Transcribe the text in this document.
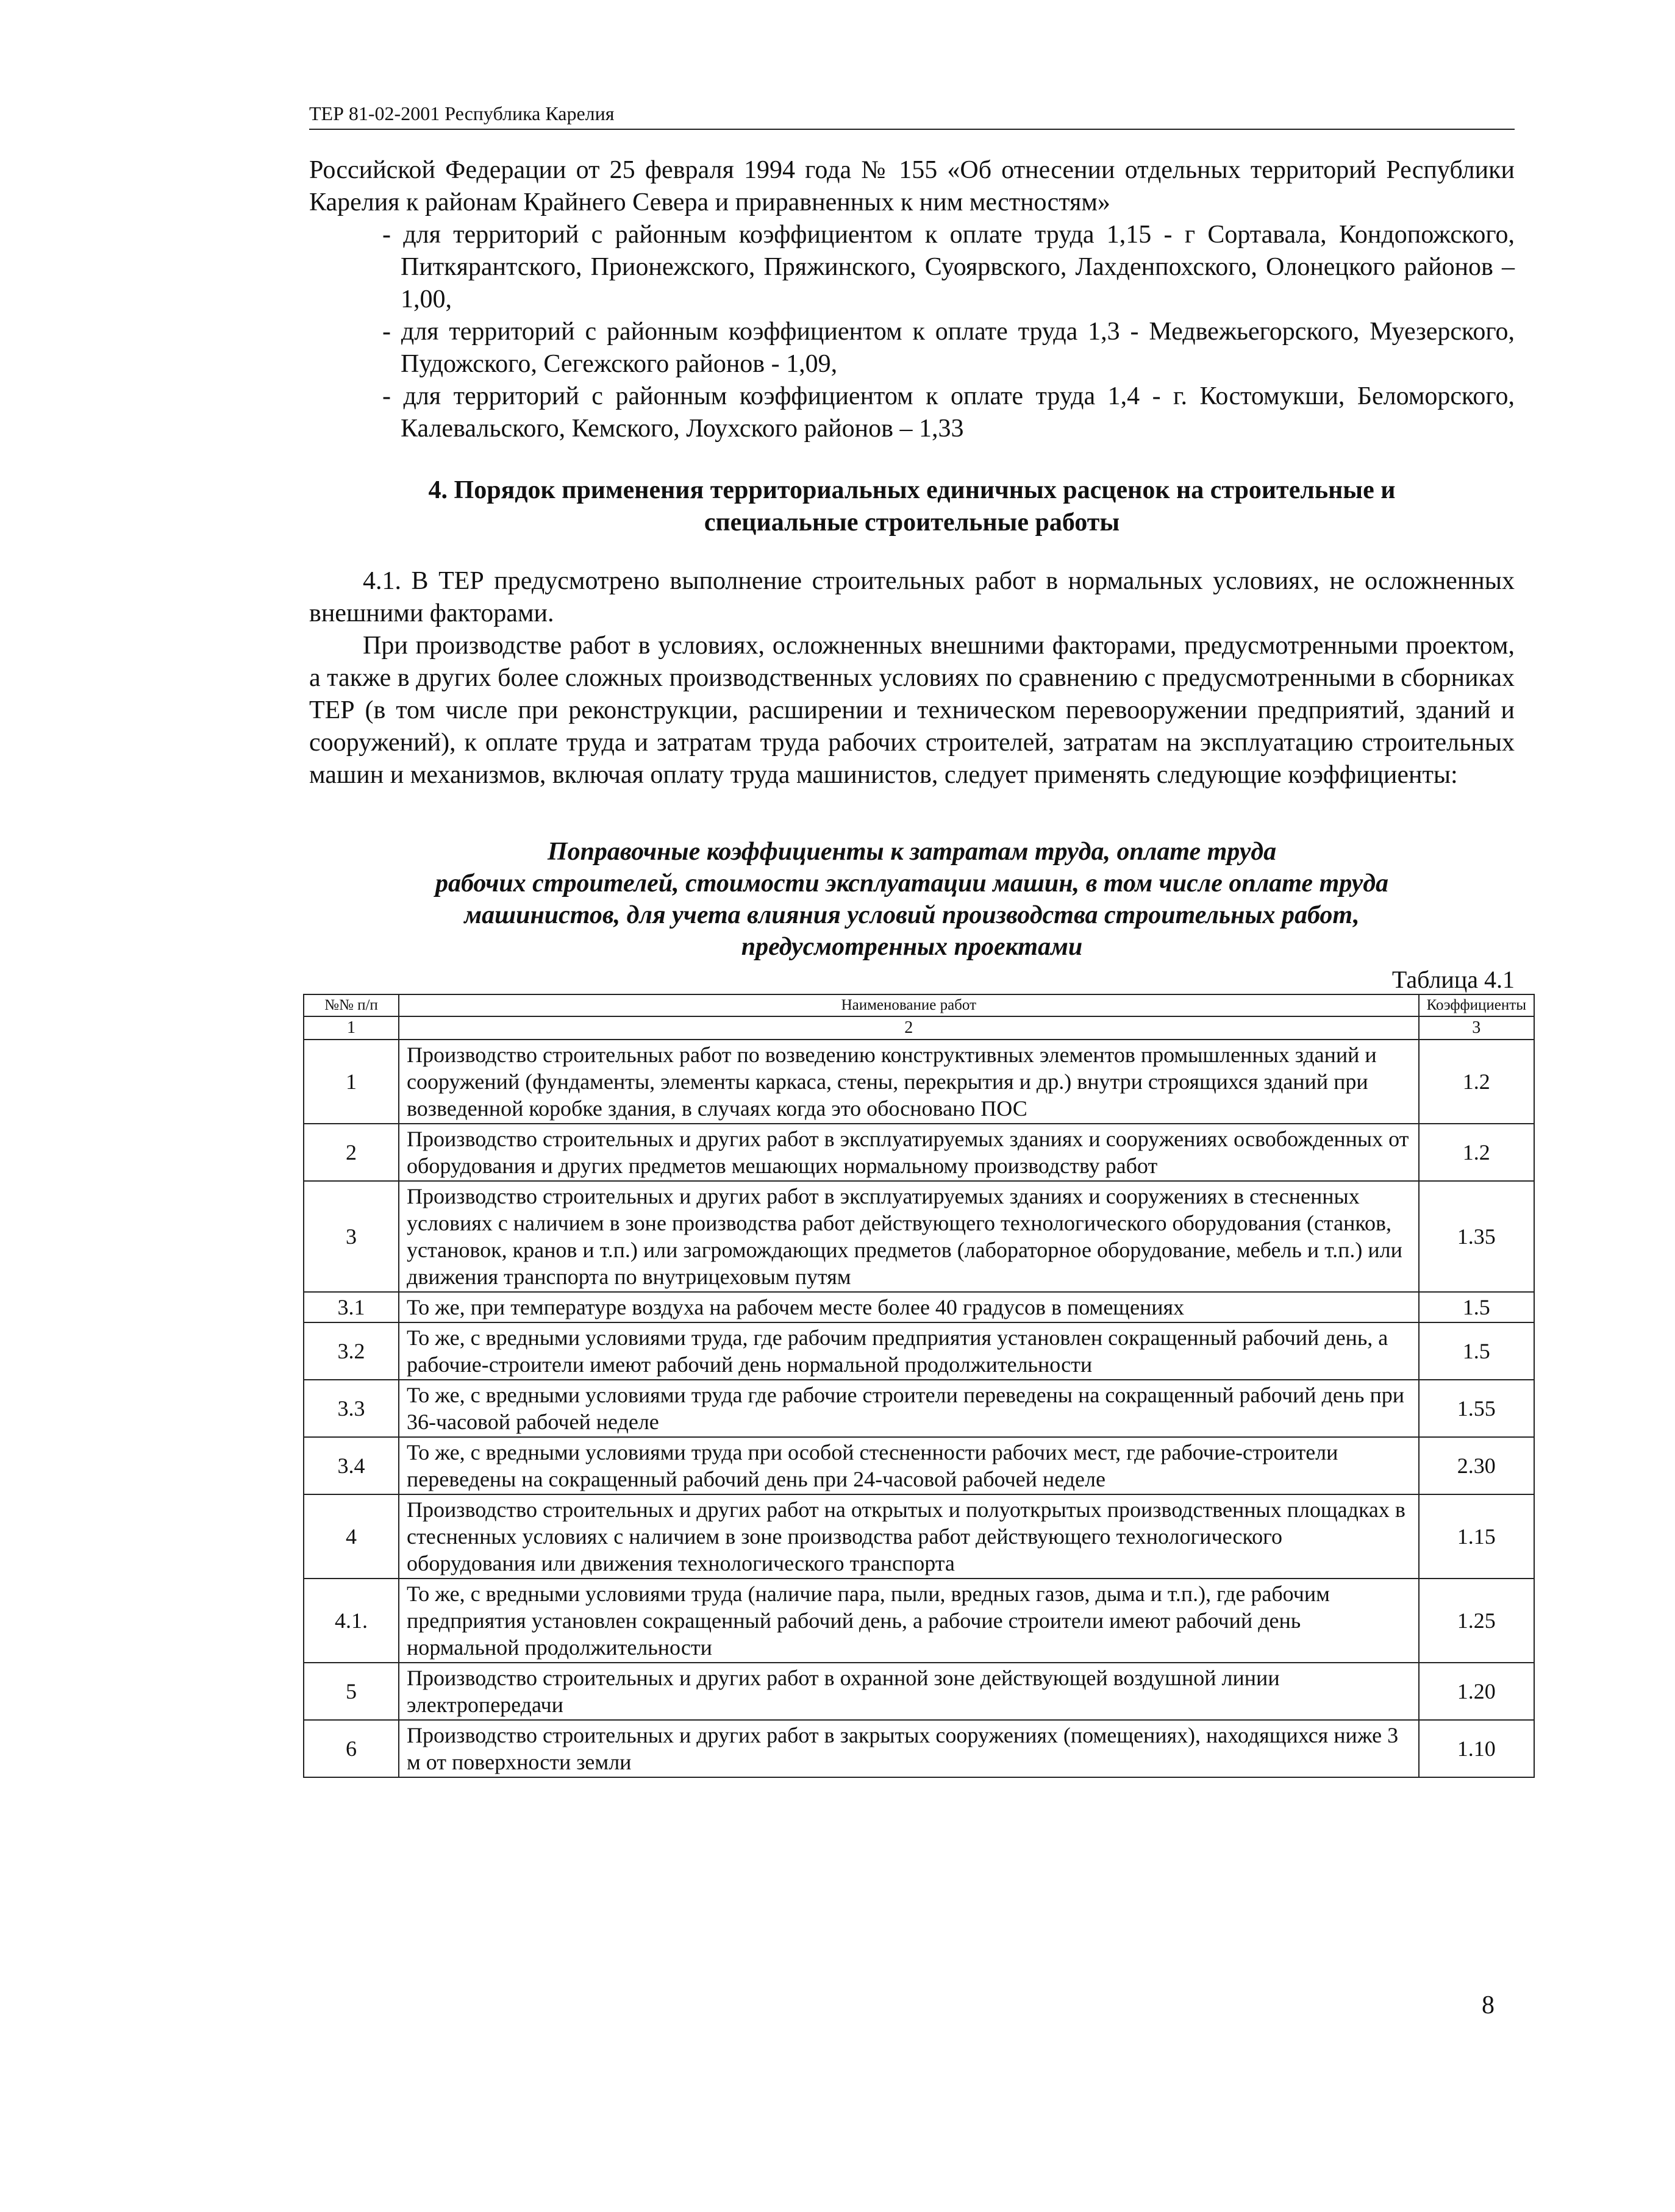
ТЕР 81-02-2001 Республика Карелия

Российской Федерации от 25 февраля 1994 года № 155 «Об отнесении отдельных территорий Республики Карелия к районам Крайнего Севера и приравненных к ним местностям»

- для территорий с районным коэффициентом к оплате труда 1,15 - г Сортавала, Кондопожского, Питкярантского, Прионежского, Пряжинского, Суоярвского, Лахденпохского, Олонецкого районов – 1,00,

- для территорий с районным коэффициентом к оплате труда 1,3 - Медвежьегорского, Муезерского, Пудожского, Сегежского районов - 1,09,

- для территорий с районным коэффициентом к оплате труда 1,4 - г. Костомукши, Беломорского, Калевальского, Кемского, Лоухского районов – 1,33

4. Порядок применения территориальных единичных расценок на строительные и
специальные строительные работы

4.1. В ТЕР предусмотрено выполнение строительных работ в нормальных условиях, не осложненных внешними факторами.

При производстве работ в условиях, осложненных внешними факторами, предусмотренными проектом, а также в других более сложных производственных условиях по сравнению с предусмотренными в сборниках ТЕР (в том числе при реконструкции, расширении и техническом перевооружении предприятий, зданий и сооружений), к оплате труда и затратам труда рабочих строителей, затратам на эксплуатацию строительных машин и механизмов, включая оплату труда машинистов, следует применять следующие коэффициенты:

Поправочные коэффициенты к затратам труда, оплате труда
рабочих строителей, стоимости эксплуатации машин, в том числе оплате труда
машинистов, для учета влияния условий производства строительных работ,
предусмотренных проектами
Таблица 4.1
№№ п/п	Наименование работ	Коэффициенты
1	2	3
1	Производство строительных работ по возведению конструктивных элементов промышленных зданий и сооружений (фундаменты, элементы каркаса, стены, перекрытия и др.) внутри строящихся зданий при возведенной коробке здания, в случаях когда это обосновано ПОС	1.2
2	Производство строительных и других работ в эксплуатируемых зданиях и сооружениях освобожденных от оборудования и других предметов мешающих нормальному производству работ	1.2
3	Производство строительных и других работ в эксплуатируемых зданиях и сооружениях в стесненных условиях с наличием в зоне производства работ действующего технологического оборудования (станков, установок, кранов и т.п.) или загромождающих предметов (лабораторное оборудование, мебель и т.п.) или движения транспорта по внутрицеховым путям	1.35
3.1	То же, при температуре воздуха на рабочем месте более 40 градусов в помещениях	1.5
3.2	То же, с вредными условиями труда, где рабочим предприятия установлен сокращенный рабочий день, а рабочие-строители имеют рабочий день нормальной продолжительности	1.5
3.3	То же, с вредными условиями труда где рабочие строители переведены на сокращенный рабочий день при 36-часовой рабочей неделе	1.55
3.4	То же, с вредными условиями труда при особой стесненности рабочих мест, где рабочие-строители переведены на сокращенный рабочий день при 24-часовой рабочей неделе	2.30
4	Производство строительных и других работ на открытых и полуоткрытых производственных площадках в стесненных условиях с наличием в зоне производства работ действующего технологического оборудования или движения технологического транспорта	1.15
4.1.	То же, с вредными условиями труда (наличие пара, пыли, вредных газов, дыма и т.п.), где рабочим предприятия установлен сокращенный рабочий день, а рабочие строители имеют рабочий день нормальной продолжительности	1.25
5	Производство строительных и других работ в охранной зоне действующей воздушной линии электропередачи	1.20
6	Производство строительных и других работ в закрытых сооружениях (помещениях), находящихся ниже 3 м от поверхности земли	1.10
8
